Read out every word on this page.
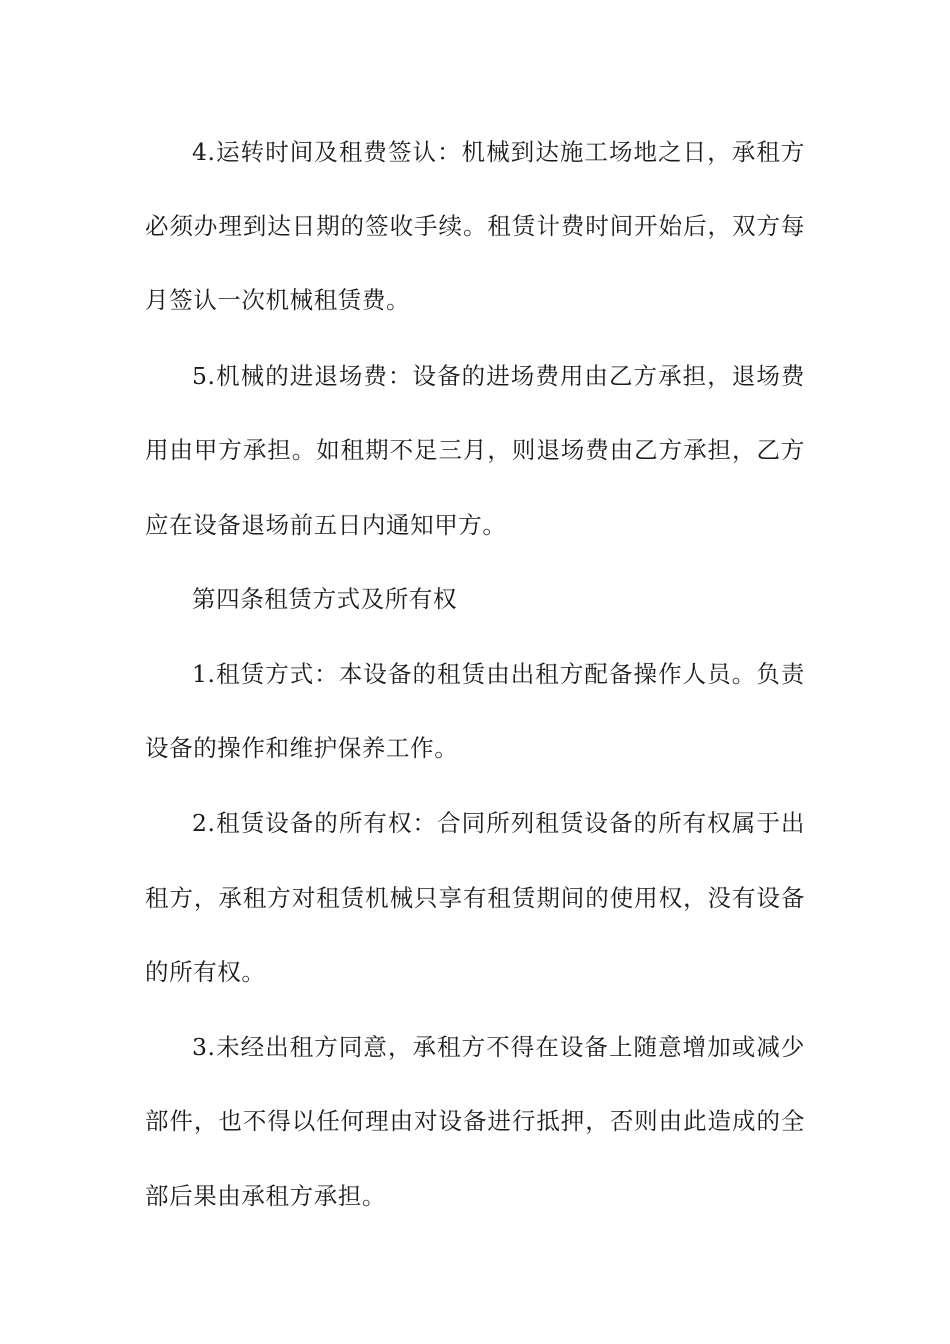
4.运转时间及租费签认：机械到达施工场地之日，承租方
必须办理到达日期的签收手续。租赁计费时间开始后，双方每
月签认一次机械租赁费。
5.机械的进退场费：设备的进场费用由乙方承担，退场费
用由甲方承担。如租期不足三月，则退场费由乙方承担，乙方
应在设备退场前五日内通知甲方。
第四条租赁方式及所有权
1.租赁方式：本设备的租赁由出租方配备操作人员。负责
设备的操作和维护保养工作。
2.租赁设备的所有权：合同所列租赁设备的所有权属于出
租方，承租方对租赁机械只享有租赁期间的使用权，没有设备
的所有权。
3.未经出租方同意，承租方不得在设备上随意增加或减少
部件，也不得以任何理由对设备进行抵押，否则由此造成的全
部后果由承租方承担。
